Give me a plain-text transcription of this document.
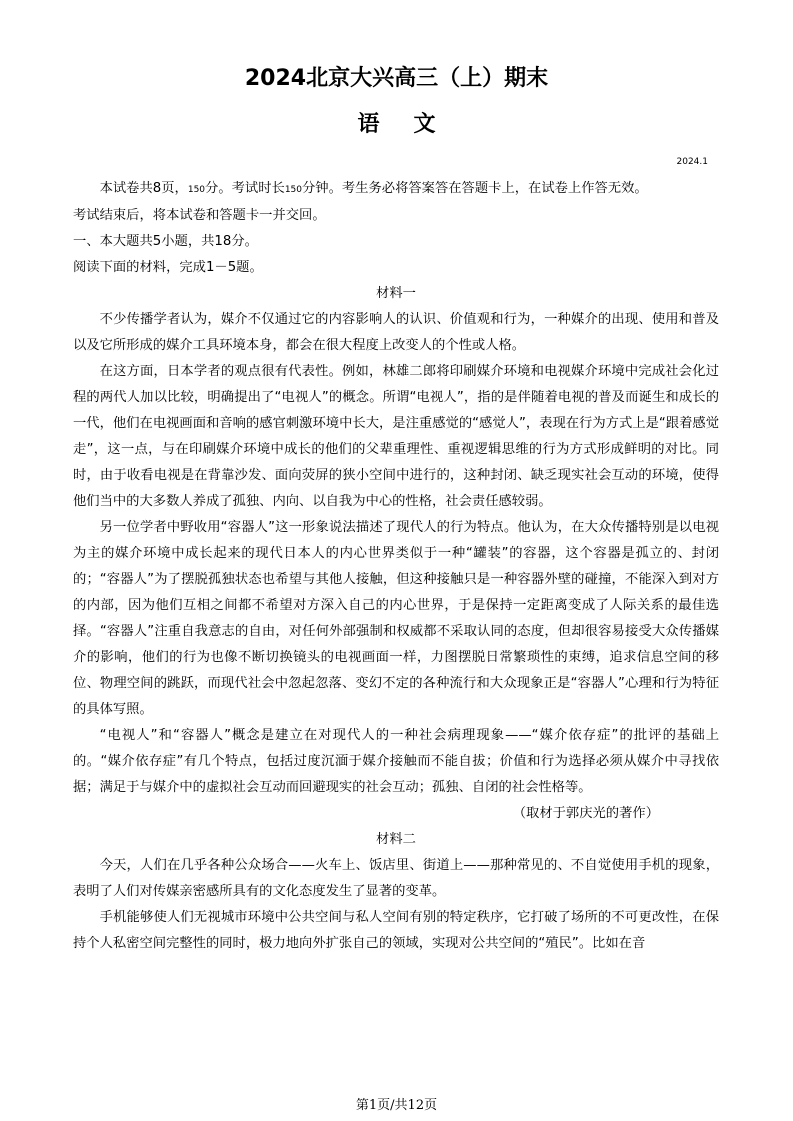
2024北京大兴高三（上）期末
语文
2024.1

本试卷共8页，150分。考试时长150分钟。考生务必将答案答在答题卡上，在试卷上作答无效。

考试结束后，将本试卷和答题卡一并交回。

一、本大题共5小题，共18分。

阅读下面的材料，完成1－5题。

材料一

不少传播学者认为，媒介不仅通过它的内容影响人的认识、价值观和行为，一种媒介的出现、使用和普及以及它所形成的媒介工具环境本身，都会在很大程度上改变人的个性或人格。

在这方面，日本学者的观点很有代表性。例如，林雄二郎将印刷媒介环境和电视媒介环境中完成社会化过程的两代人加以比较，明确提出了“电视人”的概念。所谓“电视人”，指的是伴随着电视的普及而诞生和成长的一代，他们在电视画面和音响的感官刺激环境中长大，是注重感觉的“感觉人”，表现在行为方式上是“跟着感觉走”，这一点，与在印刷媒介环境中成长的他们的父辈重理性、重视逻辑思维的行为方式形成鲜明的对比。同时，由于收看电视是在背靠沙发、面向荧屏的狭小空间中进行的，这种封闭、缺乏现实社会互动的环境，使得他们当中的大多数人养成了孤独、内向、以自我为中心的性格，社会责任感较弱。

另一位学者中野收用“容器人”这一形象说法描述了现代人的行为特点。他认为，在大众传播特别是以电视为主的媒介环境中成长起来的现代日本人的内心世界类似于一种“罐装”的容器，这个容器是孤立的、封闭的；“容器人”为了摆脱孤独状态也希望与其他人接触，但这种接触只是一种容器外壁的碰撞，不能深入到对方的内部，因为他们互相之间都不希望对方深入自己的内心世界，于是保持一定距离变成了人际关系的最佳选择。“容器人”注重自我意志的自由，对任何外部强制和权威都不采取认同的态度，但却很容易接受大众传播媒介的影响，他们的行为也像不断切换镜头的电视画面一样，力图摆脱日常繁琐性的束缚，追求信息空间的移位、物理空间的跳跃，而现代社会中忽起忽落、变幻不定的各种流行和大众现象正是“容器人”心理和行为特征的具体写照。

“电视人”和“容器人”概念是建立在对现代人的一种社会病理现象——“媒介依存症”的批评的基础上的。“媒介依存症”有几个特点，包括过度沉湎于媒介接触而不能自拔；价值和行为选择必须从媒介中寻找依据；满足于与媒介中的虚拟社会互动而回避现实的社会互动；孤独、自闭的社会性格等。

（取材于郭庆光的著作）

材料二

今天，人们在几乎各种公众场合——火车上、饭店里、街道上——那种常见的、不自觉使用手机的现象，表明了人们对传媒亲密感所具有的文化态度发生了显著的变革。

手机能够使人们无视城市环境中公共空间与私人空间有别的特定秩序，它打破了场所的不可更改性，在保持个人私密空间完整性的同时，极力地向外扩张自己的领域，实现对公共空间的“殖民”。比如在音

第1页/共12页
